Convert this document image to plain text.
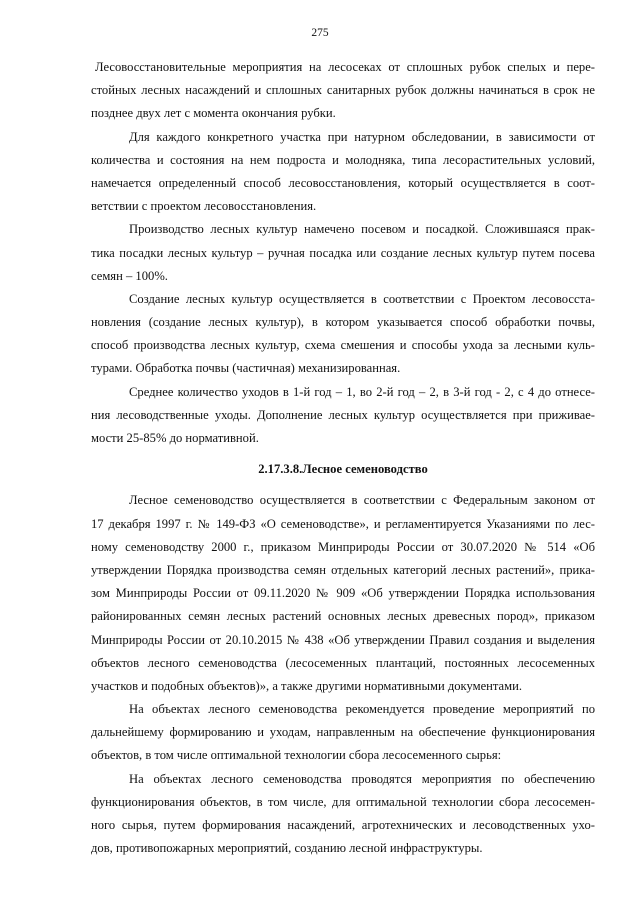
275
Лесовосстановительные мероприятия на лесосеках от сплошных рубок спелых и пере-
стойных лесных насаждений и сплошных санитарных рубок должны начинаться в срок не
позднее двух лет с момента окончания рубки.
Для каждого конкретного участка при натурном обследовании, в зависимости от
количества и состояния на нем подроста и молодняка, типа лесорастительных условий,
намечается определенный способ лесовосстановления, который осуществляется в соот-
ветствии с проектом лесовосстановления.
Производство лесных культур намечено посевом и посадкой. Сложившаяся прак-
тика посадки лесных культур – ручная посадка или создание лесных культур путем посева
семян – 100%.
Создание лесных культур осуществляется в соответствии с Проектом лесовосста-
новления (создание лесных культур), в котором указывается способ обработки почвы,
способ производства лесных культур, схема смешения и способы ухода за лесными куль-
турами. Обработка почвы (частичная) механизированная.
Среднее количество уходов в 1-й год – 1, во 2-й год – 2, в 3-й год - 2, с 4 до отнесе-
ния лесоводственные уходы. Дополнение лесных культур осуществляется при приживае-
мости 25-85% до нормативной.
2.17.3.8.Лесное семеноводство
Лесное семеноводство осуществляется в соответствии с Федеральным законом от
17 декабря 1997 г. № 149-ФЗ «О семеноводстве», и регламентируется Указаниями по лес-
ному семеноводству 2000 г., приказом Минприроды России от 30.07.2020 № 514 «Об
утверждении Порядка производства семян отдельных категорий лесных растений», прика-
зом Минприроды России от 09.11.2020 № 909 «Об утверждении Порядка использования
районированных семян лесных растений основных лесных древесных пород», приказом
Минприроды России от 20.10.2015 № 438 «Об утверждении Правил создания и выделения
объектов лесного семеноводства (лесосеменных плантаций, постоянных лесосеменных
участков и подобных объектов)», а также другими нормативными документами.
На объектах лесного семеноводства рекомендуется проведение мероприятий по
дальнейшему формированию и уходам, направленным на обеспечение функционирования
объектов, в том числе оптимальной технологии сбора лесосеменного сырья:
На объектах лесного семеноводства проводятся мероприятия по обеспечению
функционирования объектов, в том числе, для оптимальной технологии сбора лесосемен-
ного сырья, путем формирования насаждений, агротехнических и лесоводственных ухо-
дов, противопожарных мероприятий, созданию лесной инфраструктуры.
